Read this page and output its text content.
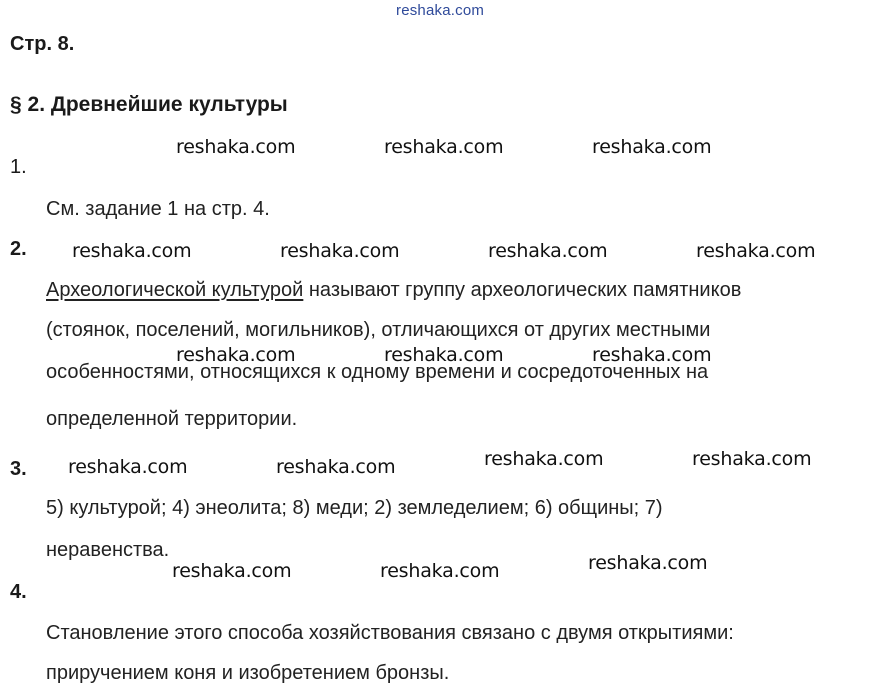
reshaka.com
Стр. 8.
§ 2. Древнейшие культуры
1.
См. задание 1 на стр. 4.
2.
Археологической культурой называют группу археологических памятников
(стоянок, поселений, могильников), отличающихся от других местными
особенностями, относящихся к одному времени и сосредоточенных на
определенной территории.
3.
5) культурой; 4) энеолита; 8) меди; 2) земледелием; 6) общины; 7)
неравенства.
4.
Становление этого способа хозяйствования связано с двумя открытиями:
приручением коня и изобретением бронзы.
reshaka.com	reshaka.com	reshaka.com
reshaka.com	reshaka.com	reshaka.com	reshaka.com
reshaka.com	reshaka.com	reshaka.com
reshaka.com	reshaka.com	reshaka.com	reshaka.com
reshaka.com	reshaka.com	reshaka.com
